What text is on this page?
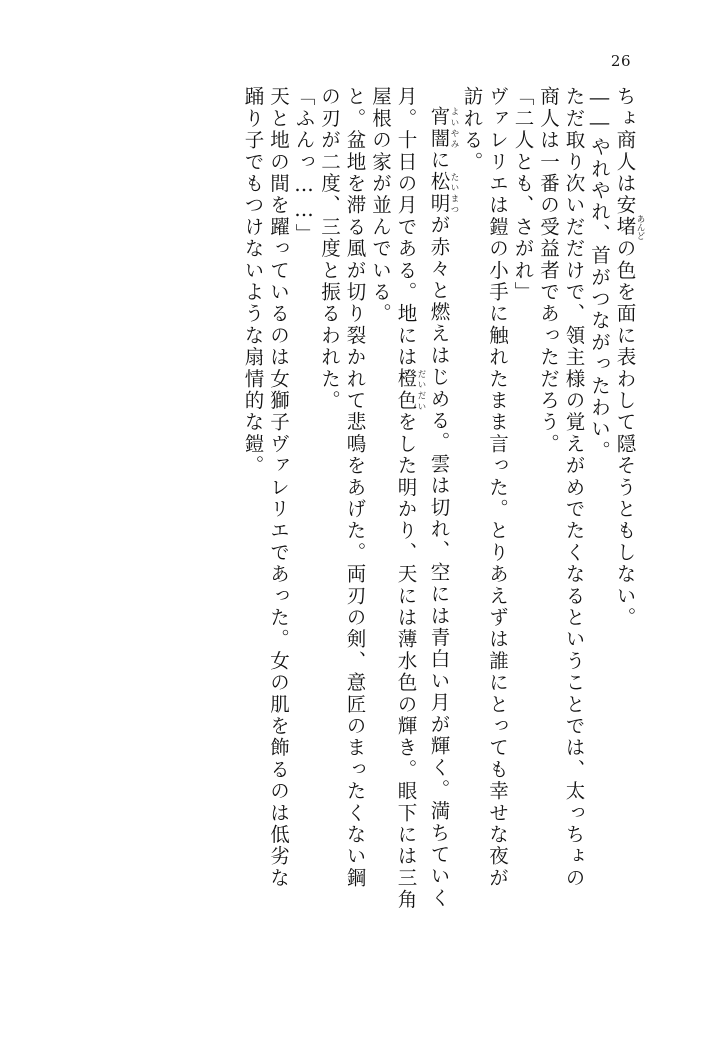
26
ちょ商人は安堵あんどの色を面に表わして隠そうともしない。
――やれやれ、首がつながったわい。
ただ取り次いだだけで、領主様の覚えがめでたくなるということでは、太っちょの
商人は一番の受益者であっただろう。
「二人とも、さがれ」
ヴァレリエは鎧の小手に触れたまま言った。とりあえずは誰にとっても幸せな夜が
訪れる。
宵闇よいやみに松明たいまつが赤々と燃えはじめる。雲は切れ、空には青白い月が輝く。満ちていく
月。十日の月である。地には橙色だいだいをした明かり、天には薄水色の輝き。眼下には三角
屋根の家が並んでいる。
と。盆地を滞る風が切り裂かれて悲鳴をあげた。両刃の剣、意匠のまったくない鋼
の刃が二度、三度と振るわれた。
「ふんっ……」
天と地の間を躍っているのは女獅子ヴァレリエであった。女の肌を飾るのは低劣な
踊り子でもつけないような扇情的な鎧。
